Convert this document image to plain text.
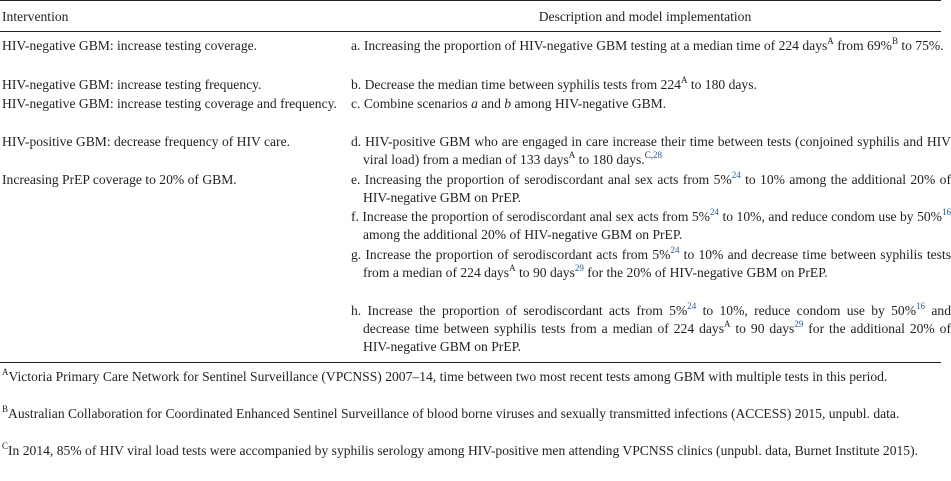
Intervention	Description and model implementation
HIV-negative GBM: increase testing coverage.	a. Increasing the proportion of HIV-negative GBM testing at a median time of 224 days$^A$ from 69%$^B$ to 75%.
HIV-negative GBM: increase testing frequency.	b. Decrease the median time between syphilis tests from $224^A$ to 180 days.
HIV-negative GBM: increase testing coverage and frequency.	c. Combine scenarios a and b among HIV-negative GBM.
HIV-positive GBM: decrease frequency of HIV care.	d. HIV-positive GBM who are engaged in care increase their time between tests (conjoined syphilis and HIV viral load) from a median of 133 days$^A$ to 180 days.$^{C,28}$
Increasing PrEP coverage to 20% of GBM.	e. Increasing the proportion of serodiscordant anal sex acts from 5%$^{24}$ to 10% among the additional 20% of HIV-negative GBM on PrEP.
f. Increase the proportion of serodiscordant anal sex acts from 5%$^{24}$ to 10%, and reduce condom use by 50%$^{16}$ among the additional 20% of HIV-negative GBM on PrEP.
g. Increase the proportion of serodiscordant acts from 5%$^{24}$ to 10% and decrease time between syphilis tests from a median of 224 days$^A$ to 90 days$^{29}$ for the 20% of HIV-negative GBM on PrEP.
h. Increase the proportion of serodiscordant acts from 5%$^{24}$ to 10%, reduce condom use by 50%$^{16}$ and decrease time between syphilis tests from a median of 224 days$^A$ to 90 days$^{29}$ for the additional 20% of HIV-negative GBM on PrEP.
$^A$Victoria Primary Care Network for Sentinel Surveillance (VPCNSS) 2007–14, time between two most recent tests among GBM with multiple tests in this period.
$^B$Australian Collaboration for Coordinated Enhanced Sentinel Surveillance of blood borne viruses and sexually transmitted infections (ACCESS) 2015, unpubl. data.
$^C$In 2014, 85% of HIV viral load tests were accompanied by syphilis serology among HIV-positive men attending VPCNSS clinics (unpubl. data, Burnet Institute 2015).
